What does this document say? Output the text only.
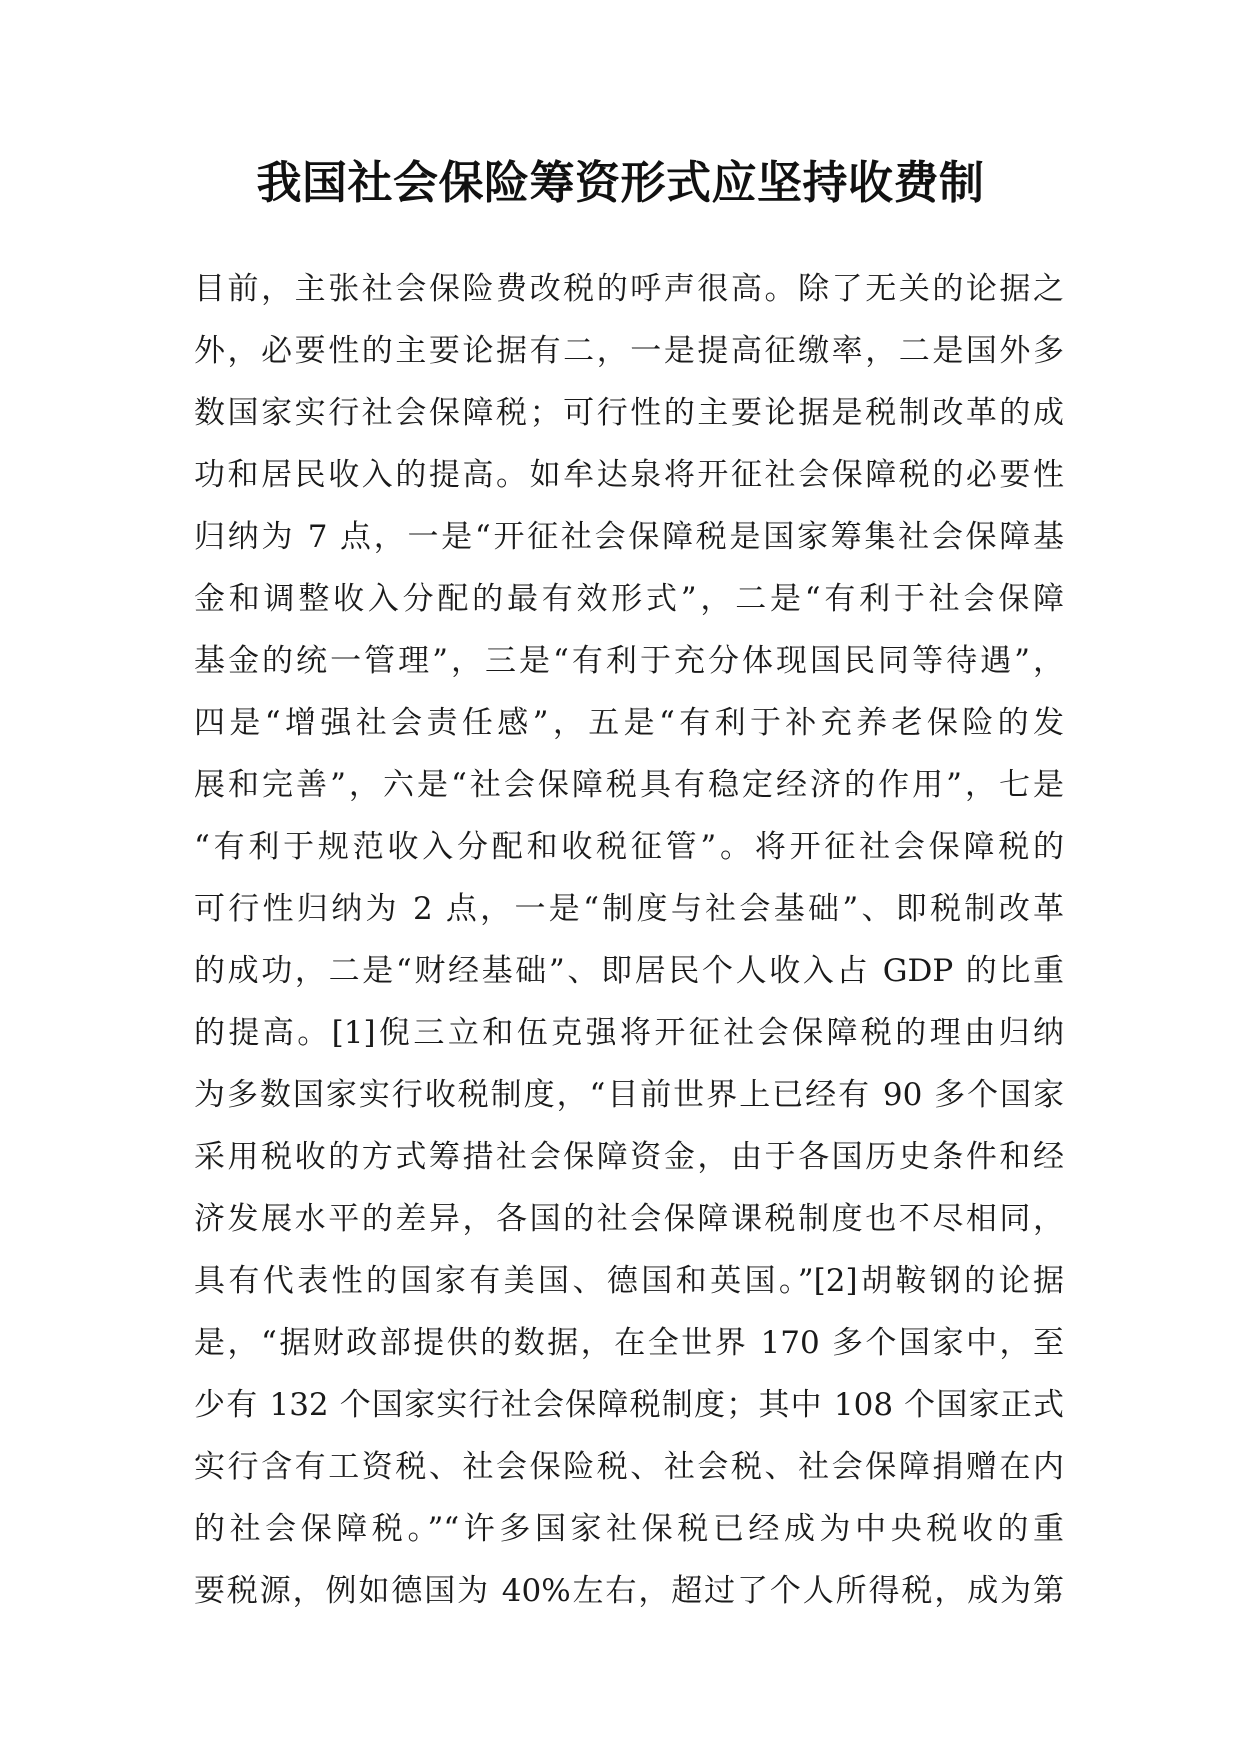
我国社会保险筹资形式应坚持收费制
目前，主张社会保险费改税的呼声很高。除了无关的论据之
外，必要性的主要论据有二，一是提高征缴率，二是国外多
数国家实行社会保障税；可行性的主要论据是税制改革的成
功和居民收入的提高。如牟达泉将开征社会保障税的必要性
归纳为 7 点，一是“开征社会保障税是国家筹集社会保障基
金和调整收入分配的最有效形式”，二是“有利于社会保障
基金的统一管理”，三是“有利于充分体现国民同等待遇”，
四是“增强社会责任感”，五是“有利于补充养老保险的发
展和完善”，六是“社会保障税具有稳定经济的作用”，七是
“有利于规范收入分配和收税征管”。将开征社会保障税的
可行性归纳为 2 点，一是“制度与社会基础”、即税制改革
的成功，二是“财经基础”、即居民个人收入占 GDP 的比重
的提高。[1]倪三立和伍克强将开征社会保障税的理由归纳
为多数国家实行收税制度，“目前世界上已经有 90 多个国家
采用税收的方式筹措社会保障资金，由于各国历史条件和经
济发展水平的差异，各国的社会保障课税制度也不尽相同，
具有代表性的国家有美国、德国和英国。”[2]胡鞍钢的论据
是，“据财政部提供的数据，在全世界 170 多个国家中，至
少有 132 个国家实行社会保障税制度；其中 108 个国家正式
实行含有工资税、社会保险税、社会税、社会保障捐赠在内
的社会保障税。”“许多国家社保税已经成为中央税收的重
要税源，例如德国为 40%左右，超过了个人所得税，成为第
